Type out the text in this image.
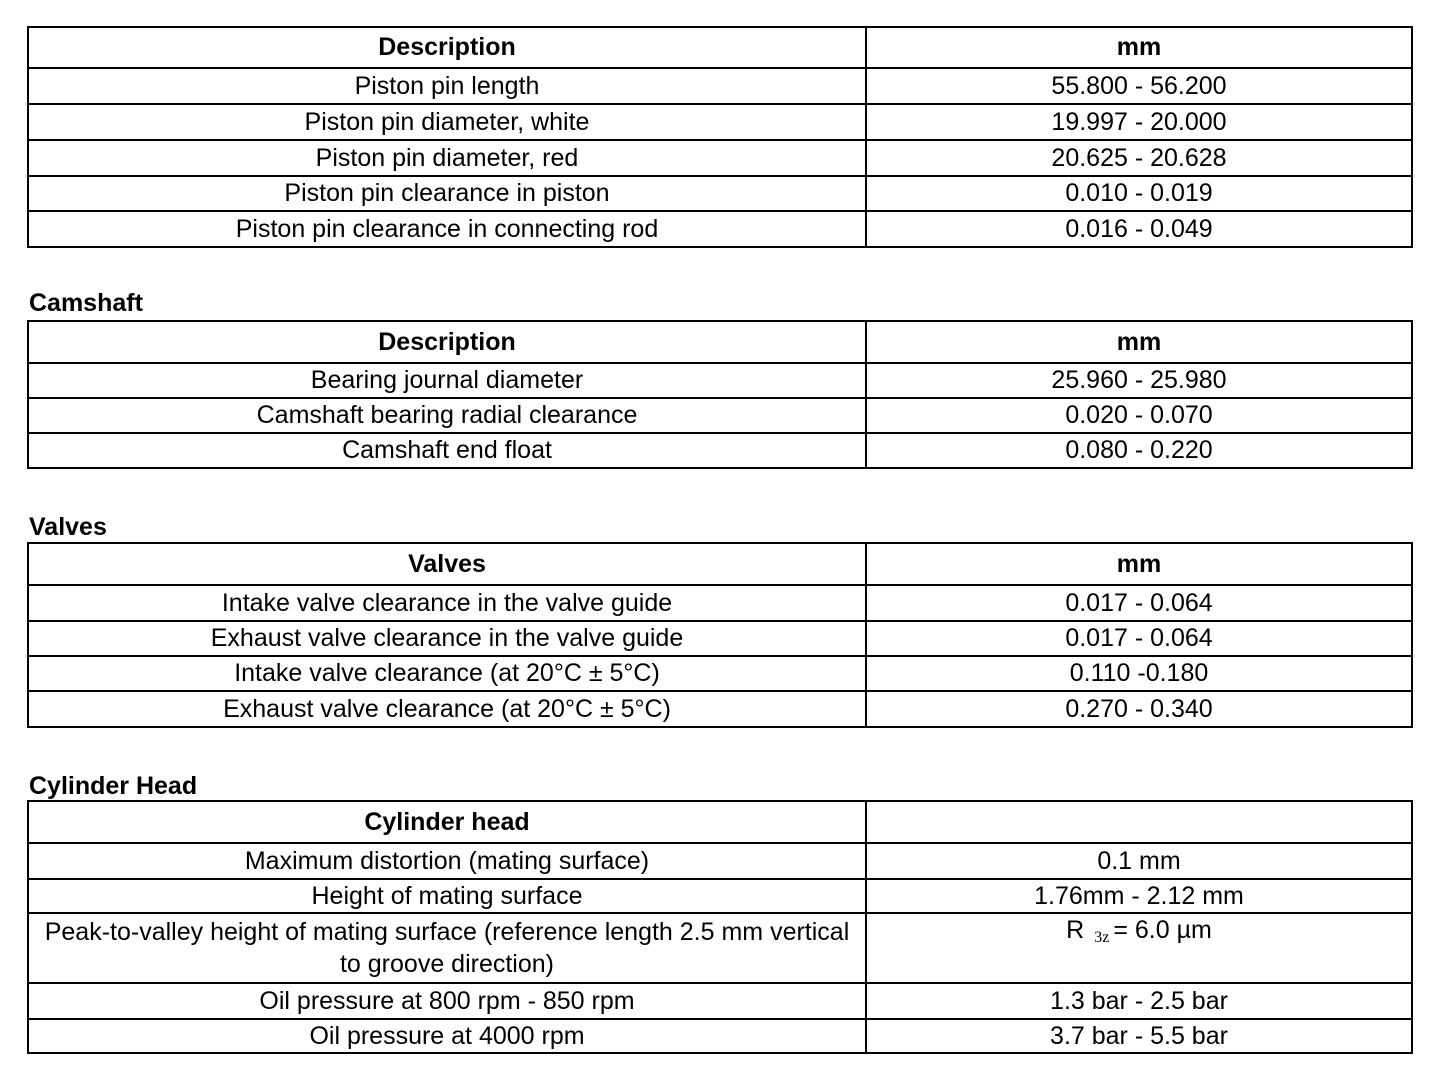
Description	mm
Piston pin length	55.800 - 56.200
Piston pin diameter, white	19.997 - 20.000
Piston pin diameter, red	20.625 - 20.628
Piston pin clearance in piston	0.010 - 0.019
Piston pin clearance in connecting rod	0.016 - 0.049
Camshaft
Description	mm
Bearing journal diameter	25.960 - 25.980
Camshaft bearing radial clearance	0.020 - 0.070
Camshaft end float	0.080 - 0.220
Valves
Valves	mm
Intake valve clearance in the valve guide	0.017 - 0.064
Exhaust valve clearance in the valve guide	0.017 - 0.064
Intake valve clearance (at 20°C ± 5°C)	0.110 -0.180
Exhaust valve clearance (at 20°C ± 5°C)	0.270 - 0.340
Cylinder Head
Cylinder head	
Maximum distortion (mating surface)	0.1 mm
Height of mating surface	1.76mm - 2.12 mm
Peak-to-valley height of mating surface (reference length 2.5 mm vertical to groove direction)	R $_{3z}$ = 6.0 µm
Oil pressure at 800 rpm - 850 rpm	1.3 bar - 2.5 bar
Oil pressure at 4000 rpm	3.7 bar - 5.5 bar
